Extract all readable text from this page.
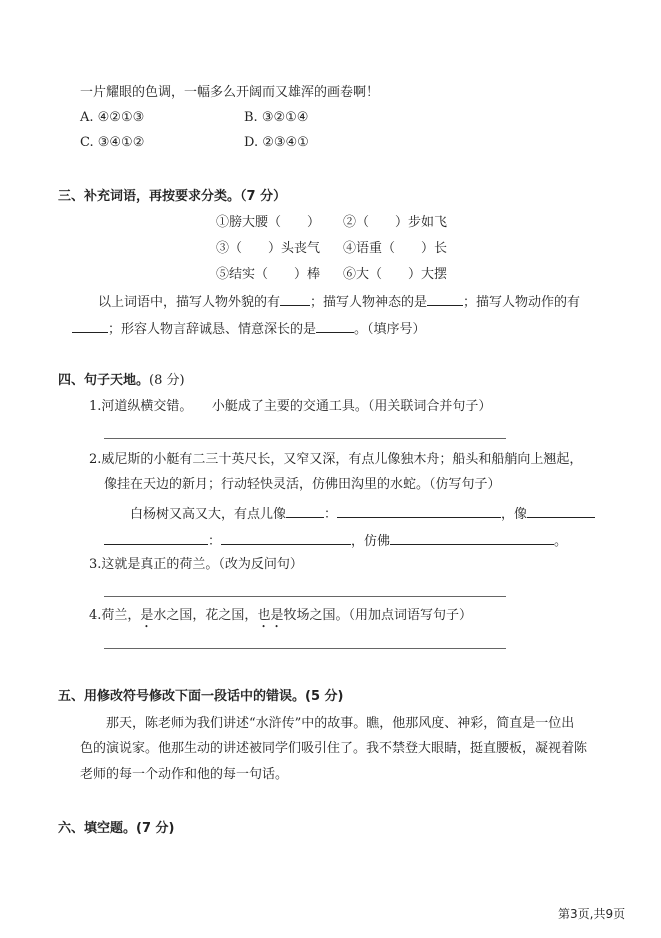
一片耀眼的色调，一幅多么开阔而又雄浑的画卷啊！
A. ④②①③	B. ③②①④
C. ③④①②	D. ②③④①
三、补充词语，再按要求分类。（7 分）
①膀大腰（　　） ②（　　）步如飞
③（　　）头丧气 ④语重（　　）长
⑤结实（　　）棒 ⑥大（　　）大摆
以上词语中，描写人物外貌的有 ；描写人物神态的是	；描写人物动作的有
；形容人物言辞诚恳、情意深长的是	。（填序号）
四、句子天地。(8 分)
1.河道纵横交错。　　小艇成了主要的交通工具。（用关联词合并句子）
2.威尼斯的小艇有二三十英尺长，又窄又深，有点儿像独木舟；船头和船艄向上翘起，
像挂在天边的新月；行动轻快灵活，仿佛田沟里的水蛇。（仿写句子）
白杨树又高又大，有点儿像	：	，像
：	，仿佛	。
3.这就是真正的荷兰。（改为反问句）
4.荷兰，是水之国，花之国，也是牧场之国。（用加点词语写句子）
五、用修改符号修改下面一段话中的错误。(5 分)
那天，陈老师为我们讲述“水浒传”中的故事。瞧，他那风度、神彩，简直是一位出
色的演说家。他那生动的讲述被同学们吸引住了。我不禁登大眼睛，挺直腰板，凝视着陈
老师的每一个动作和他的每一句话。
六、填空题。(7 分)
第3页,共9页
